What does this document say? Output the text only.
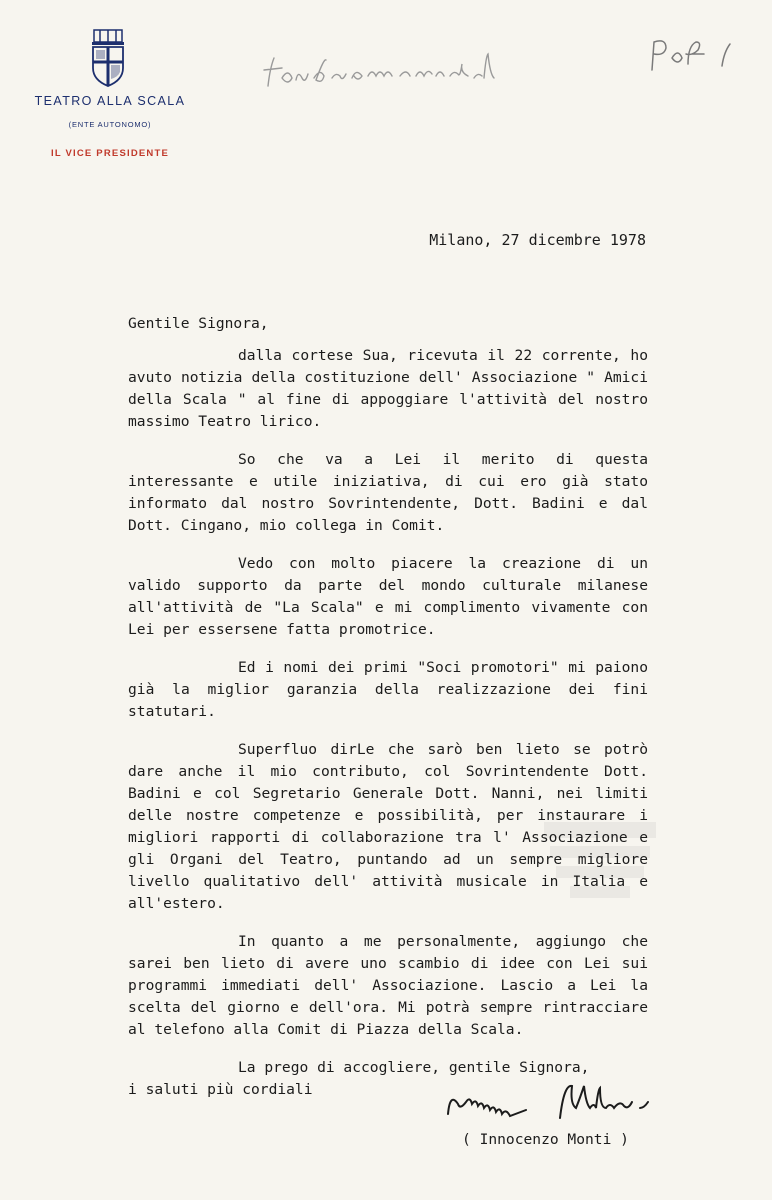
TEATRO ALLA SCALA
(ENTE AUTONOMO)
IL VICE PRESIDENTE
Milano, 27 dicembre 1978

Gentile Signora,

dalla cortese Sua, ricevuta il 22 corrente, ho avuto notizia della costituzione dell' Associazione " Amici della Scala " al fine di appoggiare l'attività del nostro massimo Teatro lirico.

So che va a Lei il merito di questa interessante e utile iniziativa, di cui ero già stato informato dal nostro Sovrintendente, Dott. Badini e dal Dott. Cingano, mio collega in Comit.

Vedo con molto piacere la creazione di un valido supporto da parte del mondo culturale milanese all'attività de "La Scala" e mi complimento vivamente con Lei per essersene fatta promotrice.

Ed i nomi dei primi "Soci promotori" mi paiono già la miglior garanzia della realizzazione dei fini statutari.

Superfluo dirLe che sarò ben lieto se potrò dare anche il mio contributo, col Sovrintendente Dott. Badini e col Segretario Generale Dott. Nanni, nei limiti delle nostre competenze e possibilità, per instaurare i migliori rapporti di collaborazione tra l' Associazione e gli Organi del Teatro, puntando ad un sempre migliore livello qualitativo dell' attività musicale in Italia e all'estero.

In quanto a me personalmente, aggiungo che sarei ben lieto di avere uno scambio di idee con Lei sui programmi immediati dell' Associazione. Lascio a Lei la scelta del giorno e dell'ora. Mi potrà sempre rintracciare al telefono alla Comit di Piazza della Scala.

La prego di accogliere, gentile Signora,

i saluti più cordiali

( Innocenzo Monti )
